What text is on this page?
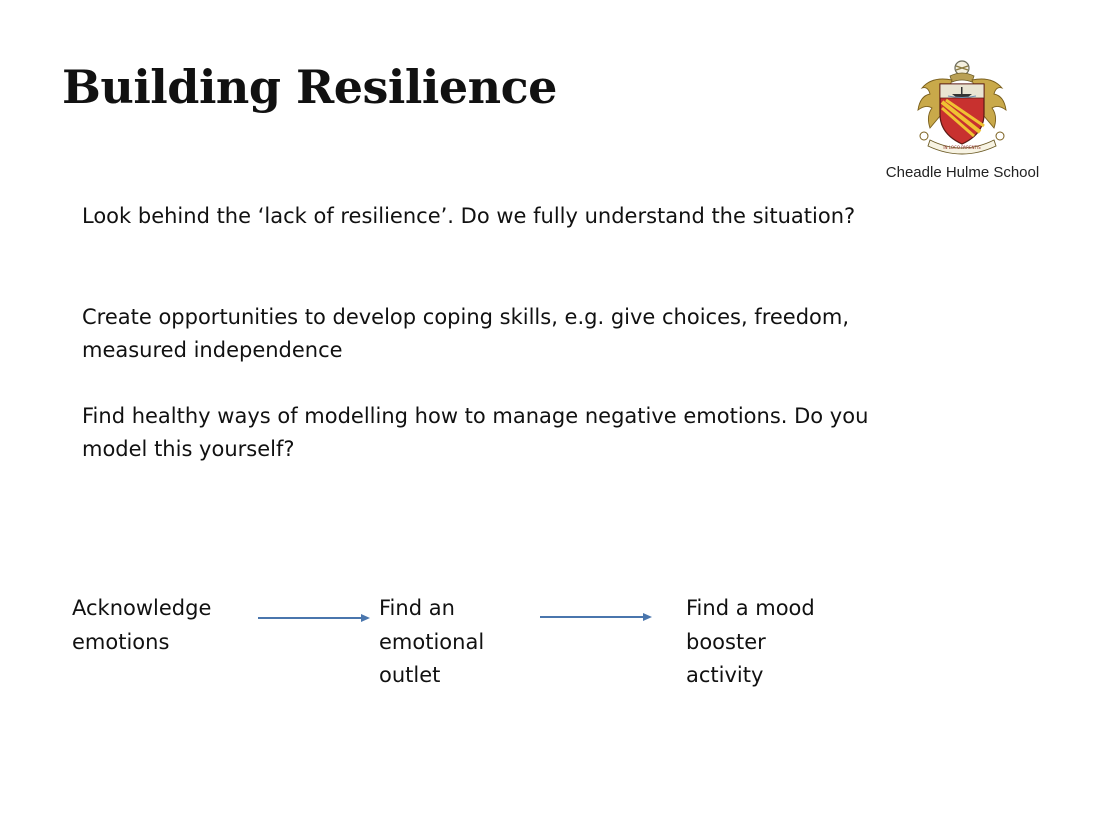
Building Resilience
IN LOCO PARENTIS
Cheadle Hulme School

Look behind the ‘lack of resilience’. Do we fully understand the situation?

Create opportunities to develop coping skills, e.g. give choices, freedom, measured independence

Find healthy ways of modelling how to manage negative emotions. Do you model this yourself?

Acknowledge
emotions
Find an
emotional
outlet
Find a mood
booster
activity
